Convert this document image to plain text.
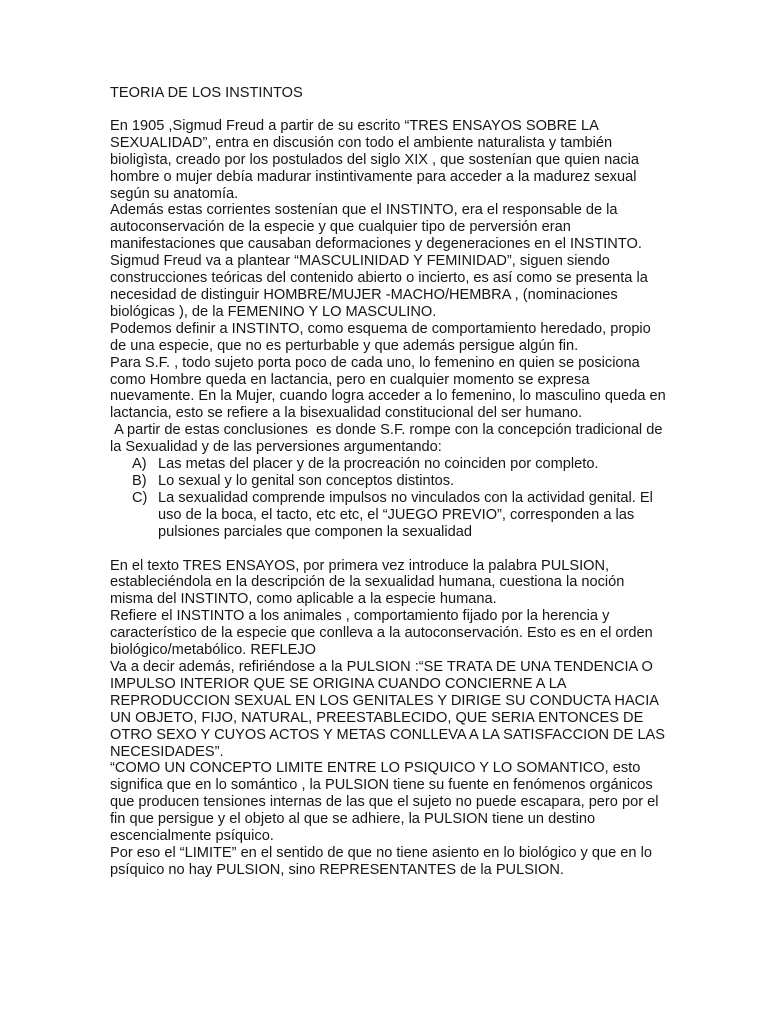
TEORIA DE LOS INSTINTOS

En 1905 ,Sigmud Freud a partir de su escrito “TRES ENSAYOS SOBRE LA SEXUALIDAD”, entra en discusión con todo el ambiente naturalista y también bioligìsta, creado por los postulados del siglo XIX , que sostenían que quien nacia hombre o mujer debía madurar instintivamente para acceder a la madurez sexual según su anatomía.

Además estas corrientes sostenían que el INSTINTO, era el responsable de la autoconservación de la especie y que cualquier tipo de perversión eran manifestaciones que causaban deformaciones y degeneraciones en el INSTINTO.

Sigmud Freud va a plantear “MASCULINIDAD Y FEMINIDAD”, siguen siendo construcciones teóricas del contenido abierto o incierto, es así como se presenta la necesidad de distinguir HOMBRE/MUJER -MACHO/HEMBRA , (nominaciones biológicas ), de la FEMENINO Y LO MASCULINO.

Podemos definir a INSTINTO, como esquema de comportamiento heredado, propio de una especie, que no es perturbable y que además persigue algún fin.

Para S.F. , todo sujeto porta poco de cada uno, lo femenino en quien se posiciona como Hombre queda en lactancia, pero en cualquier momento se expresa nuevamente. En la Mujer, cuando logra acceder a lo femenino, lo masculino queda en lactancia, esto se refiere a la bisexualidad constitucional del ser humano.

A partir de estas conclusiones  es donde S.F. rompe con la concepción tradicional de la Sexualidad y de las perversiones argumentando:

A) Las metas del placer y de la procreación no coinciden por completo.
B) Lo sexual y lo genital son conceptos distintos.
C) La sexualidad comprende impulsos no vinculados con la actividad genital. El uso de la boca, el tacto, etc etc, el “JUEGO PREVIO”, corresponden a las pulsiones parciales que componen la sexualidad

En el texto TRES ENSAYOS, por primera vez introduce la palabra PULSION, estableciéndola en la descripción de la sexualidad humana, cuestiona la noción misma del INSTINTO, como aplicable a la especie humana.

Refiere el INSTINTO a los animales , comportamiento fijado por la herencia y característico de la especie que conlleva a la autoconservación. Esto es en el orden biológico/metabólico. REFLEJO

Va a decir además, refiriéndose a la PULSION :“SE TRATA DE UNA TENDENCIA O IMPULSO INTERIOR QUE SE ORIGINA CUANDO CONCIERNE A LA REPRODUCCION SEXUAL EN LOS GENITALES Y DIRIGE SU CONDUCTA HACIA UN OBJETO, FIJO, NATURAL, PREESTABLECIDO, QUE SERIA ENTONCES DE OTRO SEXO Y CUYOS ACTOS Y METAS CONLLEVA A LA SATISFACCION DE LAS NECESIDADES”.

“COMO UN CONCEPTO LIMITE ENTRE LO PSIQUICO Y LO SOMANTICO, esto significa que en lo somántico , la PULSION tiene su fuente en fenómenos orgánicos que producen tensiones internas de las que el sujeto no puede escapara, pero por el fin que persigue y el objeto al que se adhiere, la PULSION tiene un destino escencialmente psíquico.

Por eso el “LIMITE” en el sentido de que no tiene asiento en lo biológico y que en lo psíquico no hay PULSION, sino REPRESENTANTES de la PULSION.
